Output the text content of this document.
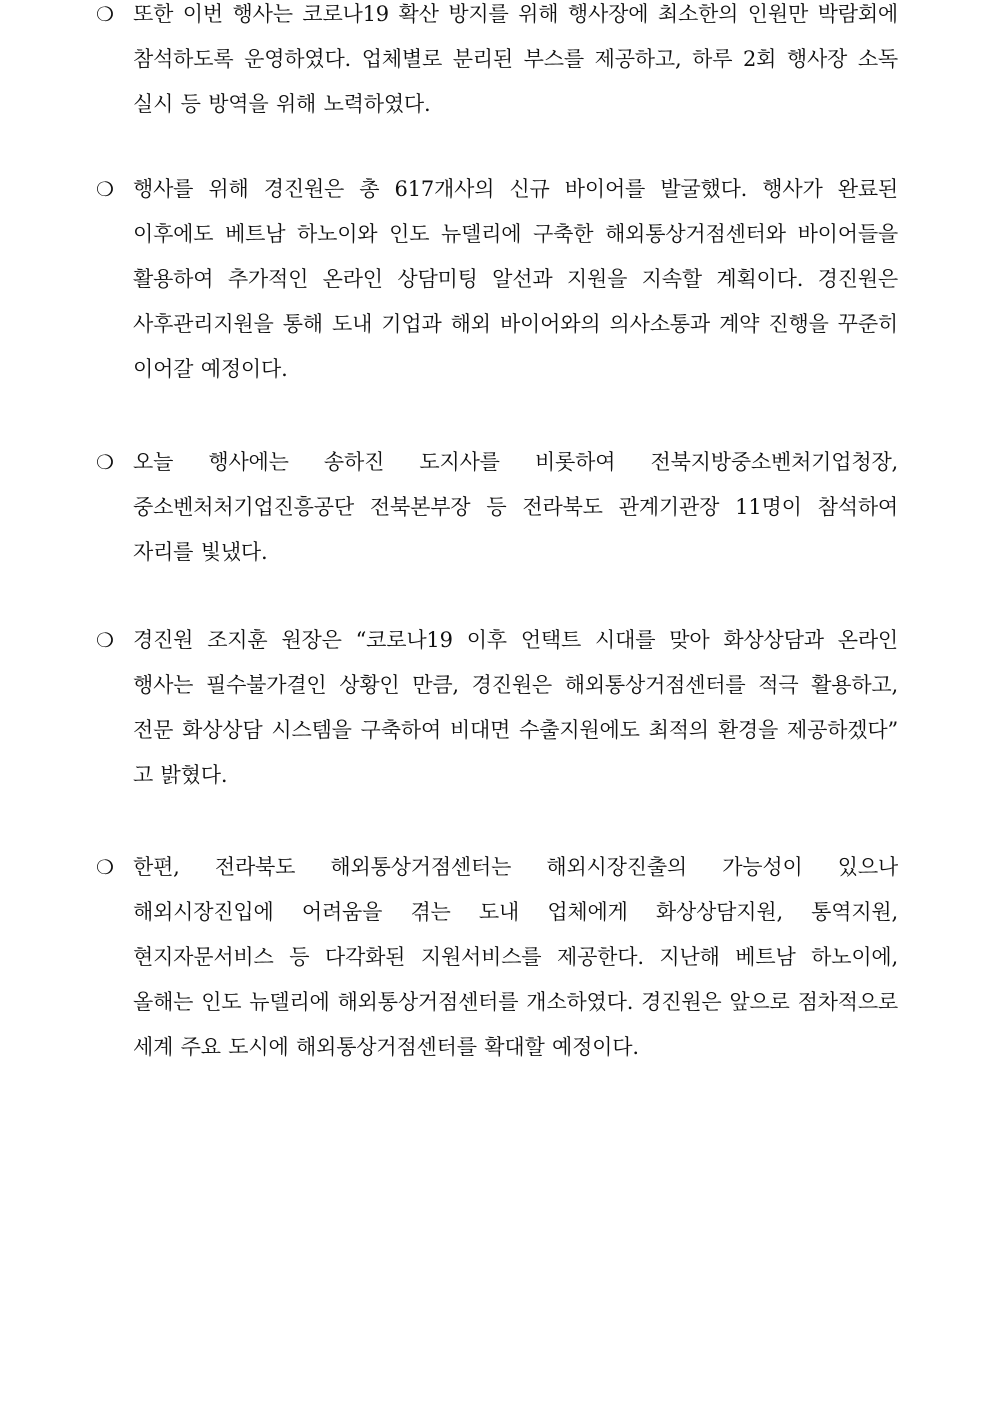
❍ 또한 이번 행사는 코로나19 확산 방지를 위해 행사장에 최소한의 인원만 박람회에 참석하도록 운영하였다. 업체별로 분리된 부스를 제공하고, 하루 2회 행사장 소독 실시 등 방역을 위해 노력하였다.
❍ 행사를 위해 경진원은 총 617개사의 신규 바이어를 발굴했다. 행사가 완료된 이후에도 베트남 하노이와 인도 뉴델리에 구축한 해외통상거점센터와 바이어들을 활용하여 추가적인 온라인 상담미팅 알선과 지원을 지속할 계획이다. 경진원은 사후관리지원을 통해 도내 기업과 해외 바이어와의 의사소통과 계약 진행을 꾸준히 이어갈 예정이다.
❍ 오늘 행사에는 송하진 도지사를 비롯하여 전북지방중소벤처기업청장, 중소벤처처기업진흥공단 전북본부장 등 전라북도 관계기관장 11명이 참석하여 자리를 빛냈다.
❍ 경진원 조지훈 원장은 “코로나19 이후 언택트 시대를 맞아 화상상담과 온라인 행사는 필수불가결인 상황인 만큼, 경진원은 해외통상거점센터를 적극 활용하고, 전문 화상상담 시스템을 구축하여 비대면 수출지원에도 최적의 환경을 제공하겠다” 고 밝혔다.
❍ 한편, 전라북도 해외통상거점센터는 해외시장진출의 가능성이 있으나 해외시장진입에 어려움을 겪는 도내 업체에게 화상상담지원, 통역지원, 현지자문서비스 등 다각화된 지원서비스를 제공한다. 지난해 베트남 하노이에, 올해는 인도 뉴델리에 해외통상거점센터를 개소하였다. 경진원은 앞으로 점차적으로 세계 주요 도시에 해외통상거점센터를 확대할 예정이다.
